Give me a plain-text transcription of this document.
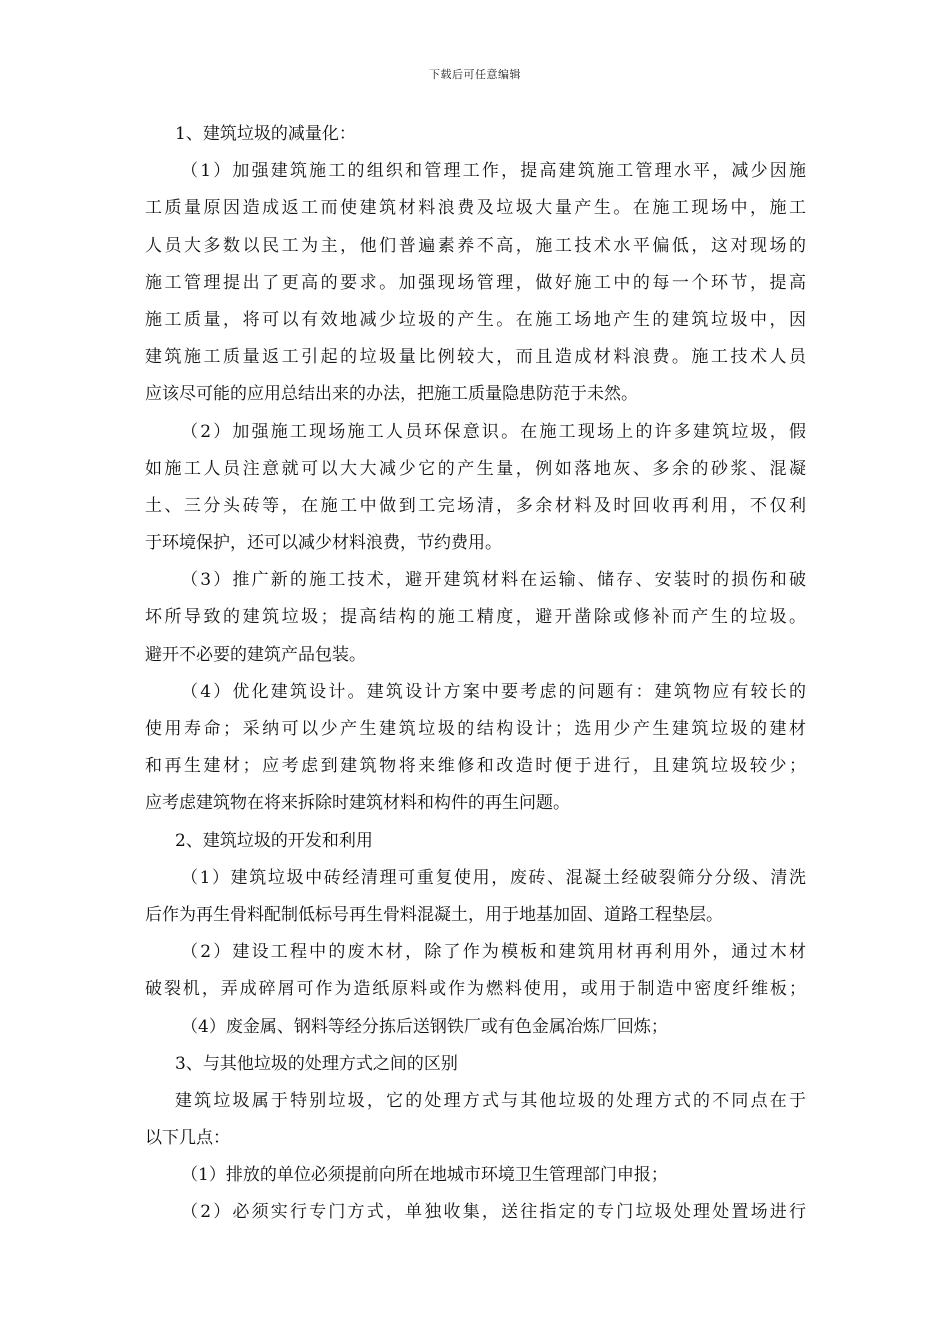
下载后可任意编辑
1、建筑垃圾的减量化：
（1）加强建筑施工的组织和管理工作，提高建筑施工管理水平，减少因施
工质量原因造成返工而使建筑材料浪费及垃圾大量产生。在施工现场中，施工
人员大多数以民工为主，他们普遍素养不高，施工技术水平偏低，这对现场的
施工管理提出了更高的要求。加强现场管理，做好施工中的每一个环节，提高
施工质量，将可以有效地减少垃圾的产生。在施工场地产生的建筑垃圾中，因
建筑施工质量返工引起的垃圾量比例较大，而且造成材料浪费。施工技术人员
应该尽可能的应用总结出来的办法，把施工质量隐患防范于未然。
（2）加强施工现场施工人员环保意识。在施工现场上的许多建筑垃圾，假
如施工人员注意就可以大大减少它的产生量，例如落地灰、多余的砂浆、混凝
土、三分头砖等，在施工中做到工完场清，多余材料及时回收再利用，不仅利
于环境保护，还可以减少材料浪费，节约费用。
（3）推广新的施工技术，避开建筑材料在运输、储存、安装时的损伤和破
坏所导致的建筑垃圾；提高结构的施工精度，避开凿除或修补而产生的垃圾。
避开不必要的建筑产品包装。
（4）优化建筑设计。建筑设计方案中要考虑的问题有：建筑物应有较长的
使用寿命；采纳可以少产生建筑垃圾的结构设计；选用少产生建筑垃圾的建材
和再生建材；应考虑到建筑物将来维修和改造时便于进行，且建筑垃圾较少；
应考虑建筑物在将来拆除时建筑材料和构件的再生问题。
2、建筑垃圾的开发和利用
（1）建筑垃圾中砖经清理可重复使用，废砖、混凝土经破裂筛分分级、清洗
后作为再生骨料配制低标号再生骨料混凝土，用于地基加固、道路工程垫层。
（2）建设工程中的废木材，除了作为模板和建筑用材再利用外，通过木材
破裂机，弄成碎屑可作为造纸原料或作为燃料使用，或用于制造中密度纤维板；
（4）废金属、钢料等经分拣后送钢铁厂或有色金属冶炼厂回炼；
3、与其他垃圾的处理方式之间的区别
建筑垃圾属于特别垃圾，它的处理方式与其他垃圾的处理方式的不同点在于
以下几点：
（1）排放的单位必须提前向所在地城市环境卫生管理部门申报；
（2）必须实行专门方式，单独收集，送往指定的专门垃圾处理处置场进行
